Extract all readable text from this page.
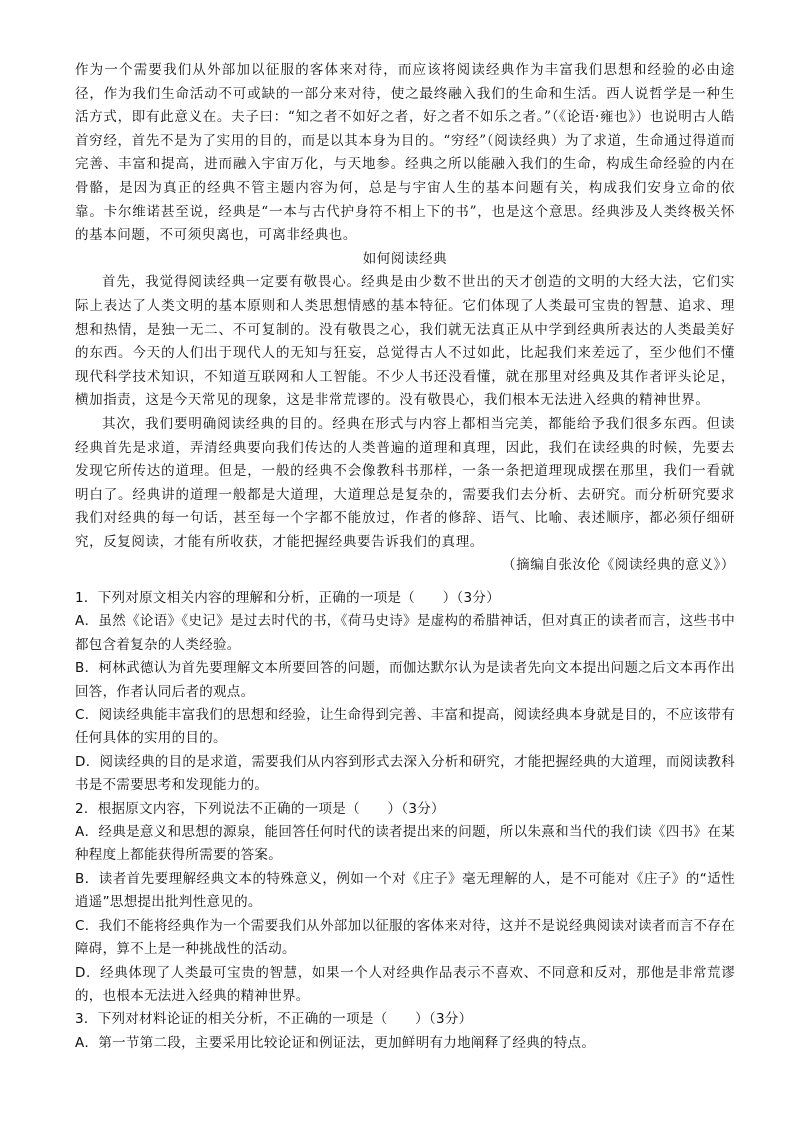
作为一个需要我们从外部加以征服的客体来对待，而应该将阅读经典作为丰富我们思想和经验的必由途径，作为我们生命活动不可或缺的一部分来对待，使之最终融入我们的生命和生活。西人说哲学是一种生活方式，即有此意义在。夫子曰：“知之者不如好之者，好之者不如乐之者。”（《论语·雍也》）也说明古人皓首穷经，首先不是为了实用的目的，而是以其本身为目的。“穷经”（阅读经典）为了求道，生命通过得道而完善、丰富和提高，进而融入宇宙万化，与天地参。经典之所以能融入我们的生命，构成生命经验的内在骨骼，是因为真正的经典不管主题内容为何，总是与宇宙人生的基本问题有关，构成我们安身立命的依靠。卡尔维诺甚至说，经典是“一本与古代护身符不相上下的书”，也是这个意思。经典涉及人类终极关怀的基本问题，不可须臾离也，可离非经典也。

如何阅读经典

首先，我觉得阅读经典一定要有敬畏心。经典是由少数不世出的天才创造的文明的大经大法，它们实际上表达了人类文明的基本原则和人类思想情感的基本特征。它们体现了人类最可宝贵的智慧、追求、理想和热情，是独一无二、不可复制的。没有敬畏之心，我们就无法真正从中学到经典所表达的人类最美好的东西。今天的人们出于现代人的无知与狂妄，总觉得古人不过如此，比起我们来差远了，至少他们不懂现代科学技术知识，不知道互联网和人工智能。不少人书还没看懂，就在那里对经典及其作者评头论足，横加指责，这是今天常见的现象，这是非常荒谬的。没有敬畏心，我们根本无法进入经典的精神世界。

其次，我们要明确阅读经典的目的。经典在形式与内容上都相当完美，都能给予我们很多东西。但读经典首先是求道，弄清经典要向我们传达的人类普遍的道理和真理，因此，我们在读经典的时候，先要去发现它所传达的道理。但是，一般的经典不会像教科书那样，一条一条把道理现成摆在那里，我们一看就明白了。经典讲的道理一般都是大道理，大道理总是复杂的，需要我们去分析、去研究。而分析研究要求我们对经典的每一句话，甚至每一个字都不能放过，作者的修辞、语气、比喻、表述顺序，都必须仔细研究，反复阅读，才能有所收获，才能把握经典要告诉我们的真理。

（摘编自张汝伦《阅读经典的意义》）

1．下列对原文相关内容的理解和分析，正确的一项是（　　）（3分）

A．虽然《论语》《史记》是过去时代的书，《荷马史诗》是虚构的希腊神话，但对真正的读者而言，这些书中都包含着复杂的人类经验。

B．柯林武德认为首先要理解文本所要回答的问题，而伽达默尔认为是读者先向文本提出问题之后文本再作出回答，作者认同后者的观点。

C．阅读经典能丰富我们的思想和经验，让生命得到完善、丰富和提高，阅读经典本身就是目的，不应该带有任何具体的实用的目的。

D．阅读经典的目的是求道，需要我们从内容到形式去深入分析和研究，才能把握经典的大道理，而阅读教科书是不需要思考和发现能力的。

2．根据原文内容，下列说法不正确的一项是（　　）（3分）

A．经典是意义和思想的源泉，能回答任何时代的读者提出来的问题，所以朱熹和当代的我们读《四书》在某种程度上都能获得所需要的答案。

B．读者首先要理解经典文本的特殊意义，例如一个对《庄子》毫无理解的人，是不可能对《庄子》的“适性逍遥”思想提出批判性意见的。

C．我们不能将经典作为一个需要我们从外部加以征服的客体来对待，这并不是说经典阅读对读者而言不存在障碍，算不上是一种挑战性的活动。

D．经典体现了人类最可宝贵的智慧，如果一个人对经典作品表示不喜欢、不同意和反对，那他是非常荒谬的，也根本无法进入经典的精神世界。

3．下列对材料论证的相关分析，不正确的一项是（　　）（3分）

A．第一节第二段，主要采用比较论证和例证法，更加鲜明有力地阐释了经典的特点。
